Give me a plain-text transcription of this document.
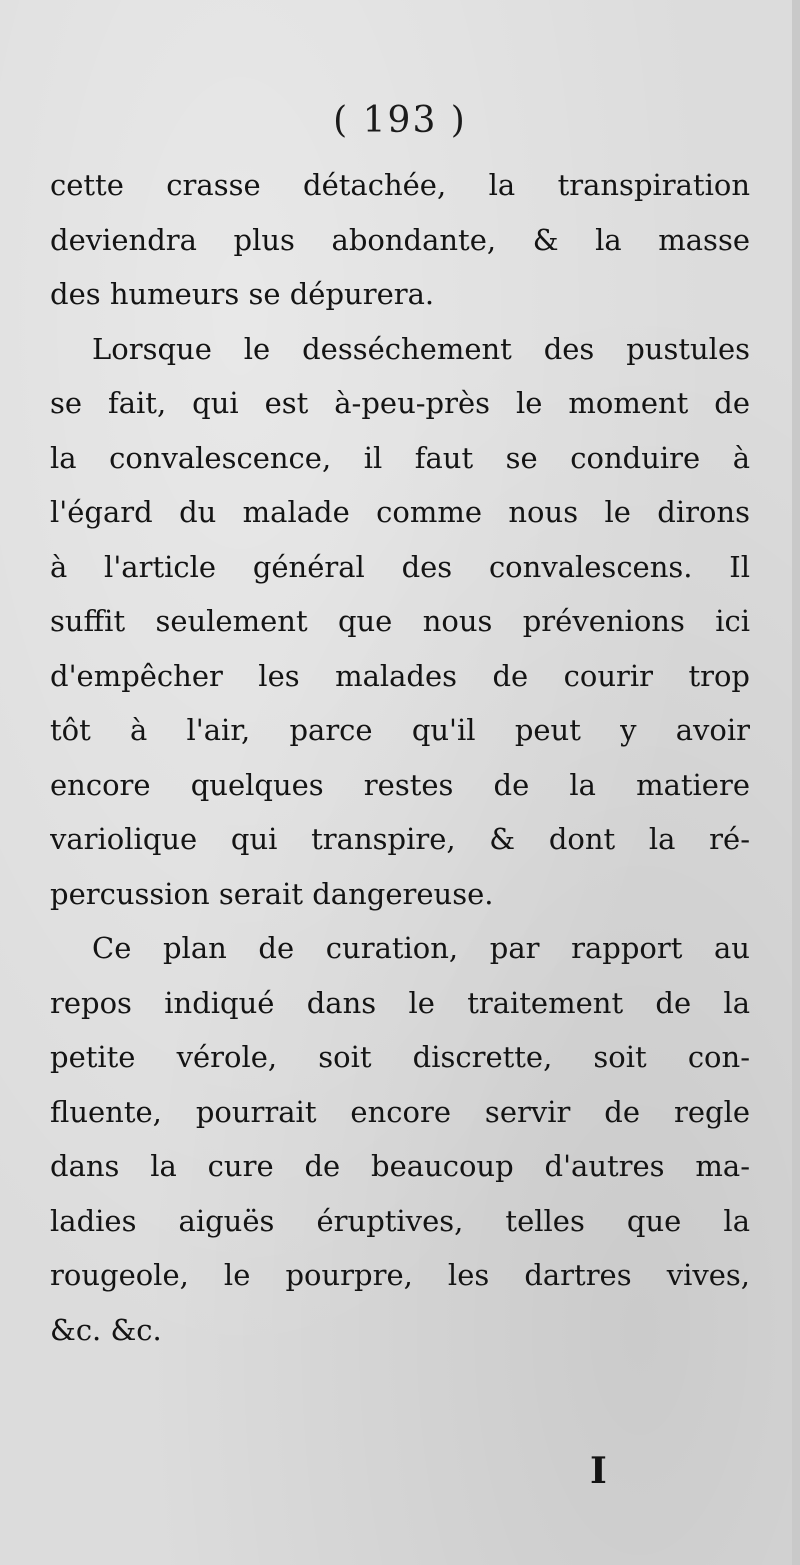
( 193 )
cette crasse détachée, la transpiration
deviendra plus abondante, & la masse
des humeurs se dépurera.
Lorsque le desséchement des pustules
se fait, qui est à-peu-près le moment de
la convalescence, il faut se conduire à
l'égard du malade comme nous le dirons
à l'article général des convalescens. Il
suffit seulement que nous prévenions ici
d'empêcher les malades de courir trop
tôt à l'air, parce qu'il peut y avoir
encore quelques restes de la matiere
variolique qui transpire, & dont la ré-
percussion serait dangereuse.
Ce plan de curation, par rapport au
repos indiqué dans le traitement de la
petite vérole, soit discrette, soit con-
fluente, pourrait encore servir de regle
dans la cure de beaucoup d'autres ma-
ladies aiguës éruptives, telles que la
rougeole, le pourpre, les dartres vives,
&c. &c.
I
